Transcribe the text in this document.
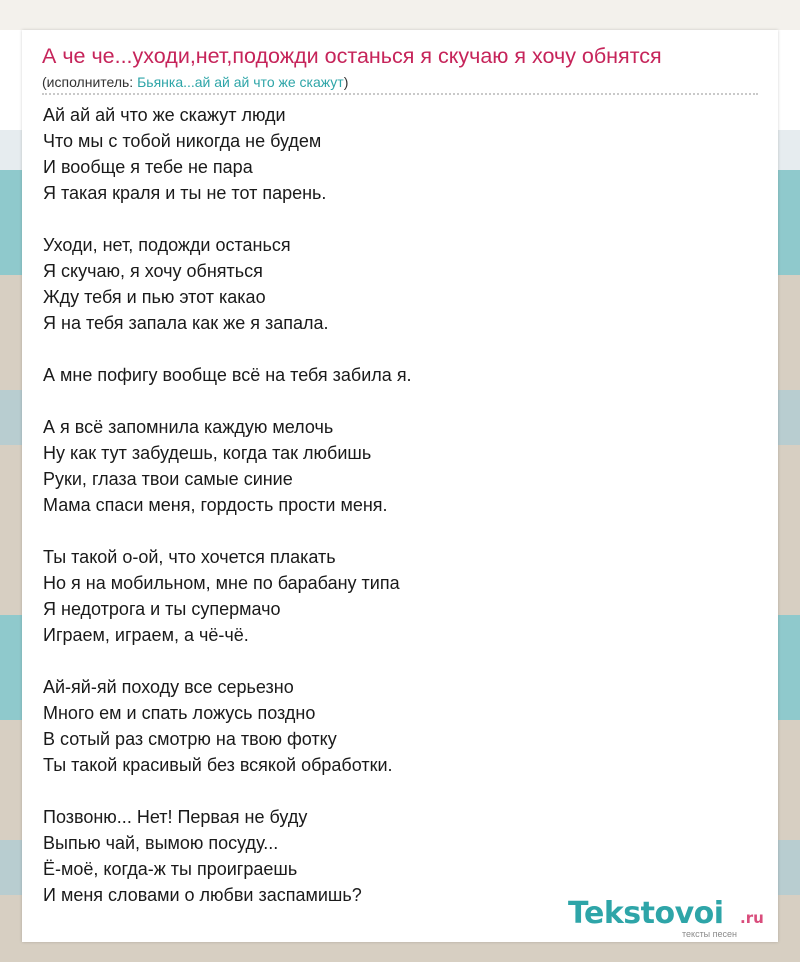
А че че...уходи,нет,подожди останься я скучаю я хочу обнятся
(исполнитель: Бьянка...ай ай ай что же скажут)
Ай ай ай что же скажут люди
Что мы с тобой никогда не будем
И вообще я тебе не пара
Я такая краля и ты не тот парень.
Уходи, нет, подожди останься
Я скучаю, я хочу обняться
Жду тебя и пью этот какао
Я на тебя запала как же я запала.
А мне пофигу вообще всё на тебя забила я.
А я всё запомнила каждую мелочь
Ну как тут забудешь, когда так любишь
Руки, глаза твои самые синие
Мама спаси меня, гордость прости меня.
Ты такой о-ой, что хочется плакать
Но я на мобильном, мне по барабану типа
Я недотрога и ты супермачо
Играем, играем, а чё-чё.
Ай-яй-яй походу все серьезно
Много ем и спать ложусь поздно
В сотый раз смотрю на твою фотку
Ты такой красивый без всякой обработки.
Позвоню... Нет! Первая не буду
Выпью чай, вымою посуду...
Ё-моё, когда-ж ты проиграешь
И меня словами о любви заспамишь?
Tekstovoi .ru
тексты песен
